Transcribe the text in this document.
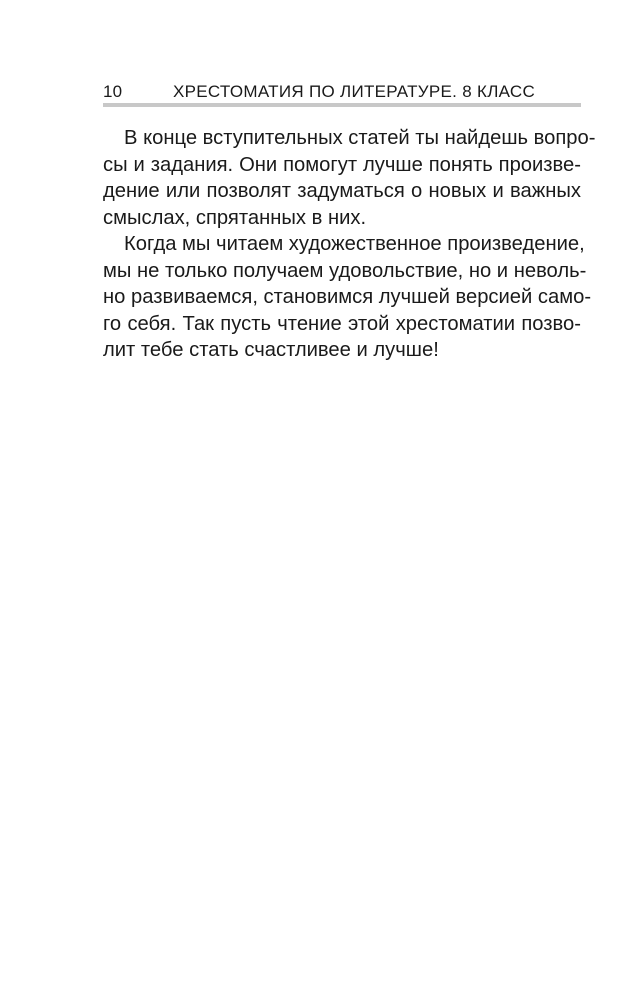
10	ХРЕСТОМАТИЯ ПО ЛИТЕРАТУРЕ. 8 КЛАСС

В конце вступительных статей ты найдешь вопро-
сы и задания. Они помогут лучше понять произве-
дение или позволят задуматься о новых и важных
смыслах, спрятанных в них.

Когда мы читаем художественное произведение,
мы не только получаем удовольствие, но и неволь-
но развиваемся, становимся лучшей версией само-
го себя. Так пусть чтение этой хрестоматии позво-
лит тебе стать счастливее и лучше!
